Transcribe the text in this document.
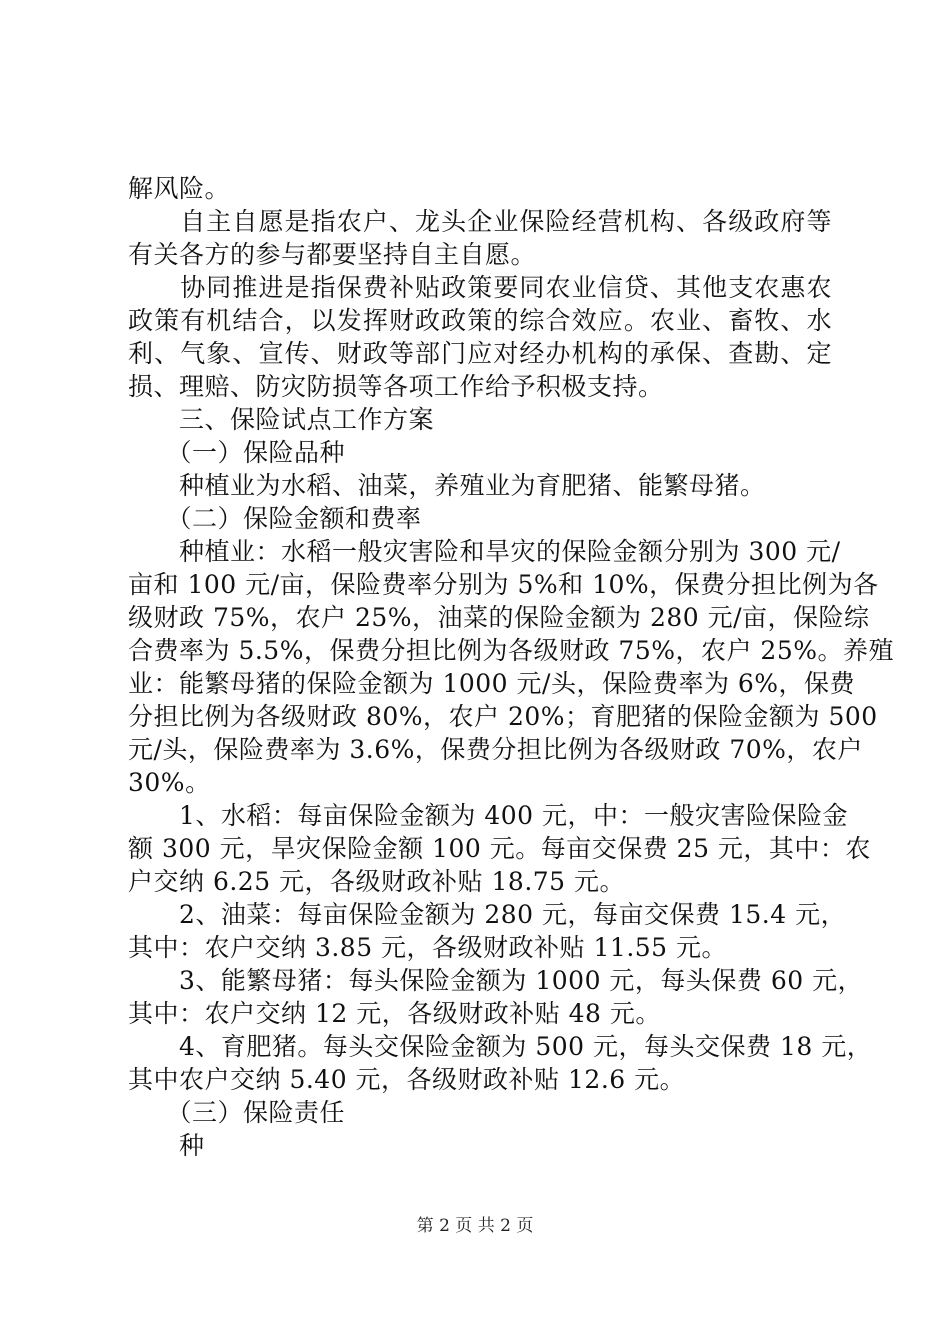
解风险。
　　自主自愿是指农户、龙头企业保险经营机构、各级政府等
有关各方的参与都要坚持自主自愿。
　　协同推进是指保费补贴政策要同农业信贷、其他支农惠农
政策有机结合，以发挥财政政策的综合效应。农业、畜牧、水
利、气象、宣传、财政等部门应对经办机构的承保、查勘、定
损、理赔、防灾防损等各项工作给予积极支持。
　　三、保险试点工作方案
　　（一）保险品种
　　种植业为水稻、油菜，养殖业为育肥猪、能繁母猪。
　　（二）保险金额和费率
　　种植业：水稻一般灾害险和旱灾的保险金额分别为 300 元/
亩和 100 元/亩，保险费率分别为 5%和 10%，保费分担比例为各
级财政 75%，农户 25%，油菜的保险金额为 280 元/亩，保险综
合费率为 5.5%，保费分担比例为各级财政 75%，农户 25%。养殖
业：能繁母猪的保险金额为 1000 元/头，保险费率为 6%，保费
分担比例为各级财政 80%，农户 20%；育肥猪的保险金额为 500
元/头，保险费率为 3.6%，保费分担比例为各级财政 70%，农户
30%。
　　1、水稻：每亩保险金额为 400 元，中：一般灾害险保险金
额 300 元，旱灾保险金额 100 元。每亩交保费 25 元，其中：农
户交纳 6.25 元，各级财政补贴 18.75 元。
　　2、油菜：每亩保险金额为 280 元，每亩交保费 15.4 元，
其中：农户交纳 3.85 元，各级财政补贴 11.55 元。
　　3、能繁母猪：每头保险金额为 1000 元，每头保费 60 元，
其中：农户交纳 12 元，各级财政补贴 48 元。
　　4、育肥猪。每头交保险金额为 500 元，每头交保费 18 元，
其中农户交纳 5.40 元，各级财政补贴 12.6 元。
　　（三）保险责任
　　种
第 2 页 共 2 页
